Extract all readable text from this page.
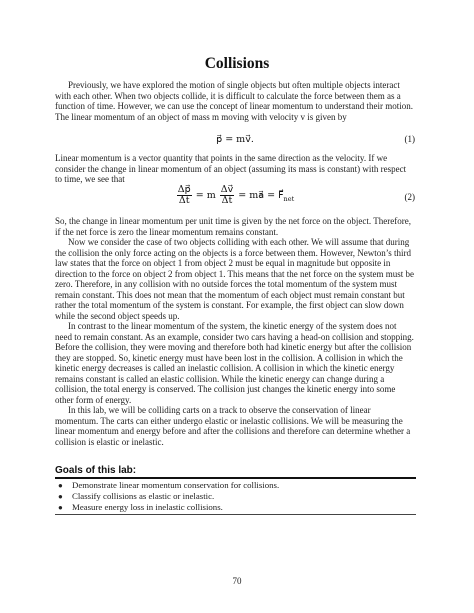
Collisions

Previously, we have explored the motion of single objects but often multiple objects interact with each other. When two objects collide, it is difficult to calculate the force between them as a function of time. However, we can use the concept of linear momentum to understand their motion. The linear momentum of an object of mass m moving with velocity v is given by

p⃗ = mv⃗.	(1)

Linear momentum is a vector quantity that points in the same direction as the velocity. If we consider the change in linear momentum of an object (assuming its mass is constant) with respect to time, we see that

$\frac{\Delta p⃗}{\Delta t} = m \frac{\Delta v⃗}{\Delta t}$ = ma⃗ = $F⃗_{net}$	(2)

So, the change in linear momentum per unit time is given by the net force on the object. Therefore, if the net force is zero the linear momentum remains constant.

Now we consider the case of two objects colliding with each other. We will assume that during the collision the only force acting on the objects is a force between them. However, Newton’s third law states that the force on object 1 from object 2 must be equal in magnitude but opposite in direction to the force on object 2 from object 1. This means that the net force on the system must be zero. Therefore, in any collision with no outside forces the total momentum of the system must remain constant. This does not mean that the momentum of each object must remain constant but rather the total momentum of the system is constant. For example, the first object can slow down while the second object speeds up.

In contrast to the linear momentum of the system, the kinetic energy of the system does not need to remain constant. As an example, consider two cars having a head-on collision and stopping. Before the collision, they were moving and therefore both had kinetic energy but after the collision they are stopped. So, kinetic energy must have been lost in the collision. A collision in which the kinetic energy decreases is called an inelastic collision. A collision in which the kinetic energy remains constant is called an elastic collision. While the kinetic energy can change during a collision, the total energy is conserved. The collision just changes the kinetic energy into some other form of energy.

In this lab, we will be colliding carts on a track to observe the conservation of linear momentum. The carts can either undergo elastic or inelastic collisions. We will be measuring the linear momentum and energy before and after the collisions and therefore can determine whether a collision is elastic or inelastic.

Goals of this lab:
● Demonstrate linear momentum conservation for collisions.
● Classify collisions as elastic or inelastic.
● Measure energy loss in inelastic collisions.
70
